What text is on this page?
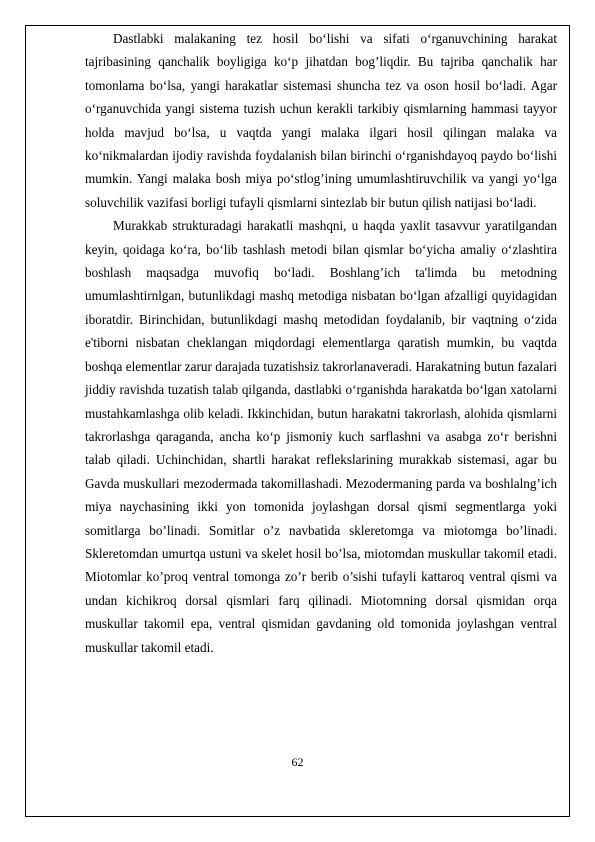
Dastlabki malakaning tez hosil bo‘lishi va sifati o‘rganuvchining harakat tajribasining qanchalik boyligiga ko‘p jihatdan bog’liqdir. Bu tajriba qanchalik har tomonlama bo‘lsa, yangi harakatlar sistemasi shuncha tez va oson hosil bo‘ladi. Agar o‘rganuvchida yangi sistema tuzish uchun kerakli tarkibiy qismlarning hammasi tayyor holda mavjud bo‘lsa, u vaqtda yangi malaka ilgari hosil qilingan malaka va ko‘nikmalardan ijodiy ravishda foydalanish bilan birinchi o‘rganishdayoq paydo bo‘lishi mumkin. Yangi malaka bosh miya po‘stlog’ining umumlashtiruvchilik va yangi yo‘lga soluvchilik vazifasi borligi tufayli qismlarni sintezlab bir butun qilish natijasi bo‘ladi.

Murakkab strukturadagi harakatli mashqni, u haqda yaxlit tasavvur yaratilgandan keyin, qoidaga ko‘ra, bo‘lib tashlash metodi bilan qismlar bo‘yicha amaliy o‘zlashtira boshlash maqsadga muvofiq bo‘ladi. Boshlang’ich ta'limda bu metodning umumlashtirnlgan, butunlikdagi mashq metodiga nisbatan bo‘lgan afzalligi quyidagidan iboratdir. Birinchidan, butunlikdagi mashq metodidan foydalanib, bir vaqtning o‘zida e'tiborni nisbatan cheklangan miqdordagi elementlarga qaratish mumkin, bu vaqtda boshqa elementlar zarur darajada tuzatishsiz takrorlanaveradi. Harakatning butun fazalari jiddiy ravishda tuzatish talab qilganda, dastlabki o‘rganishda harakatda bo‘lgan xatolarni mustahkamlashga olib keladi. Ikkinchidan, butun harakatni takrorlash, alohida qismlarni takrorlashga qaraganda, ancha ko‘p jismoniy kuch sarflashni va asabga zo‘r berishni talab qiladi. Uchinchidan, shartli harakat reflekslarining murakkab sistemasi, agar bu Gavda muskullari mezodermada takomillashadi. Mezodermaning parda va boshlalng’ich miya naychasining ikki yon tomonida joylashgan dorsal qismi segmentlarga yoki somitlarga bo’linadi. Somitlar o’z navbatida skleretomga va miotomga bo’linadi. Skleretomdan umurtqa ustuni va skelet hosil bo’lsa, miotomdan muskullar takomil etadi. Miotomlar ko’proq ventral tomonga zo’r berib o’sishi tufayli kattaroq ventral qismi va undan kichikroq dorsal qismlari farq qilinadi. Miotomning dorsal qismidan orqa muskullar takomil epa, ventral qismidan gavdaning old tomonida joylashgan ventral muskullar takomil etadi.

62
